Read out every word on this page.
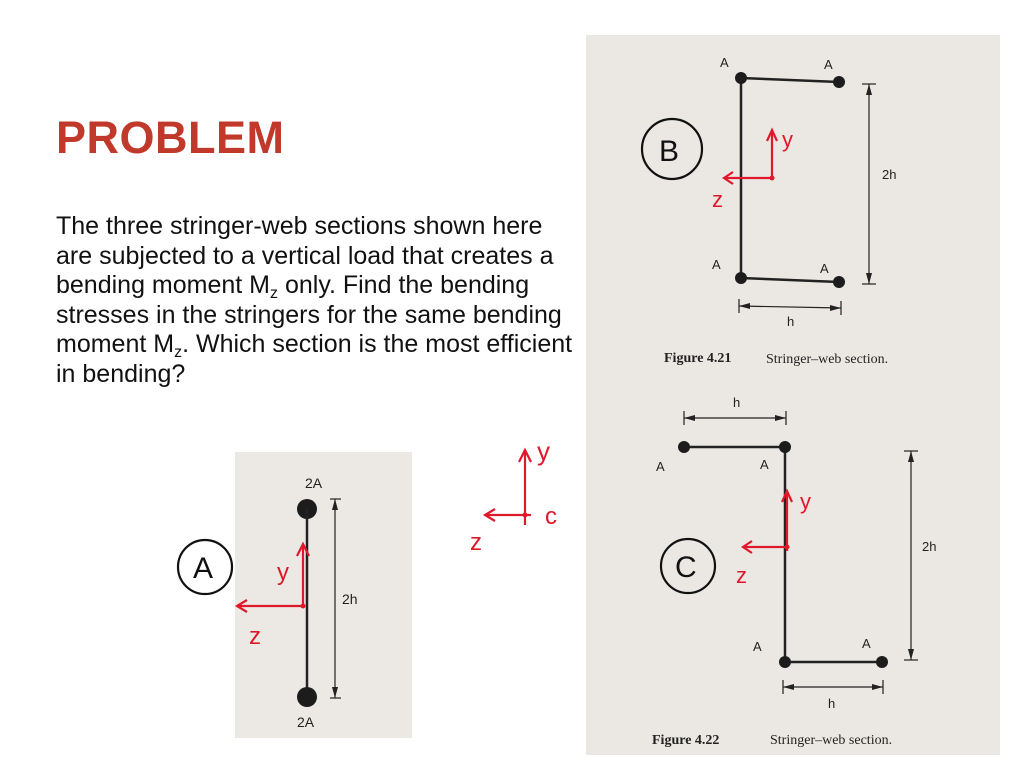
PROBLEM

The three stringer-web sections shown here are subjected to a vertical load that creates a bending moment $M_z$ only. Find the bending stresses in the stringers for the same bending moment $M_z$. Which section is the most efficient in bending?

2A
2A
2h
A	y
z
y
c
z
A	A
A	A
2h
h
Figure 4.21 Stringer–web section.
B	y
z
h
A	A
A	A
2h
h
Figure 4.22	Stringer–web section.
C
y
z
